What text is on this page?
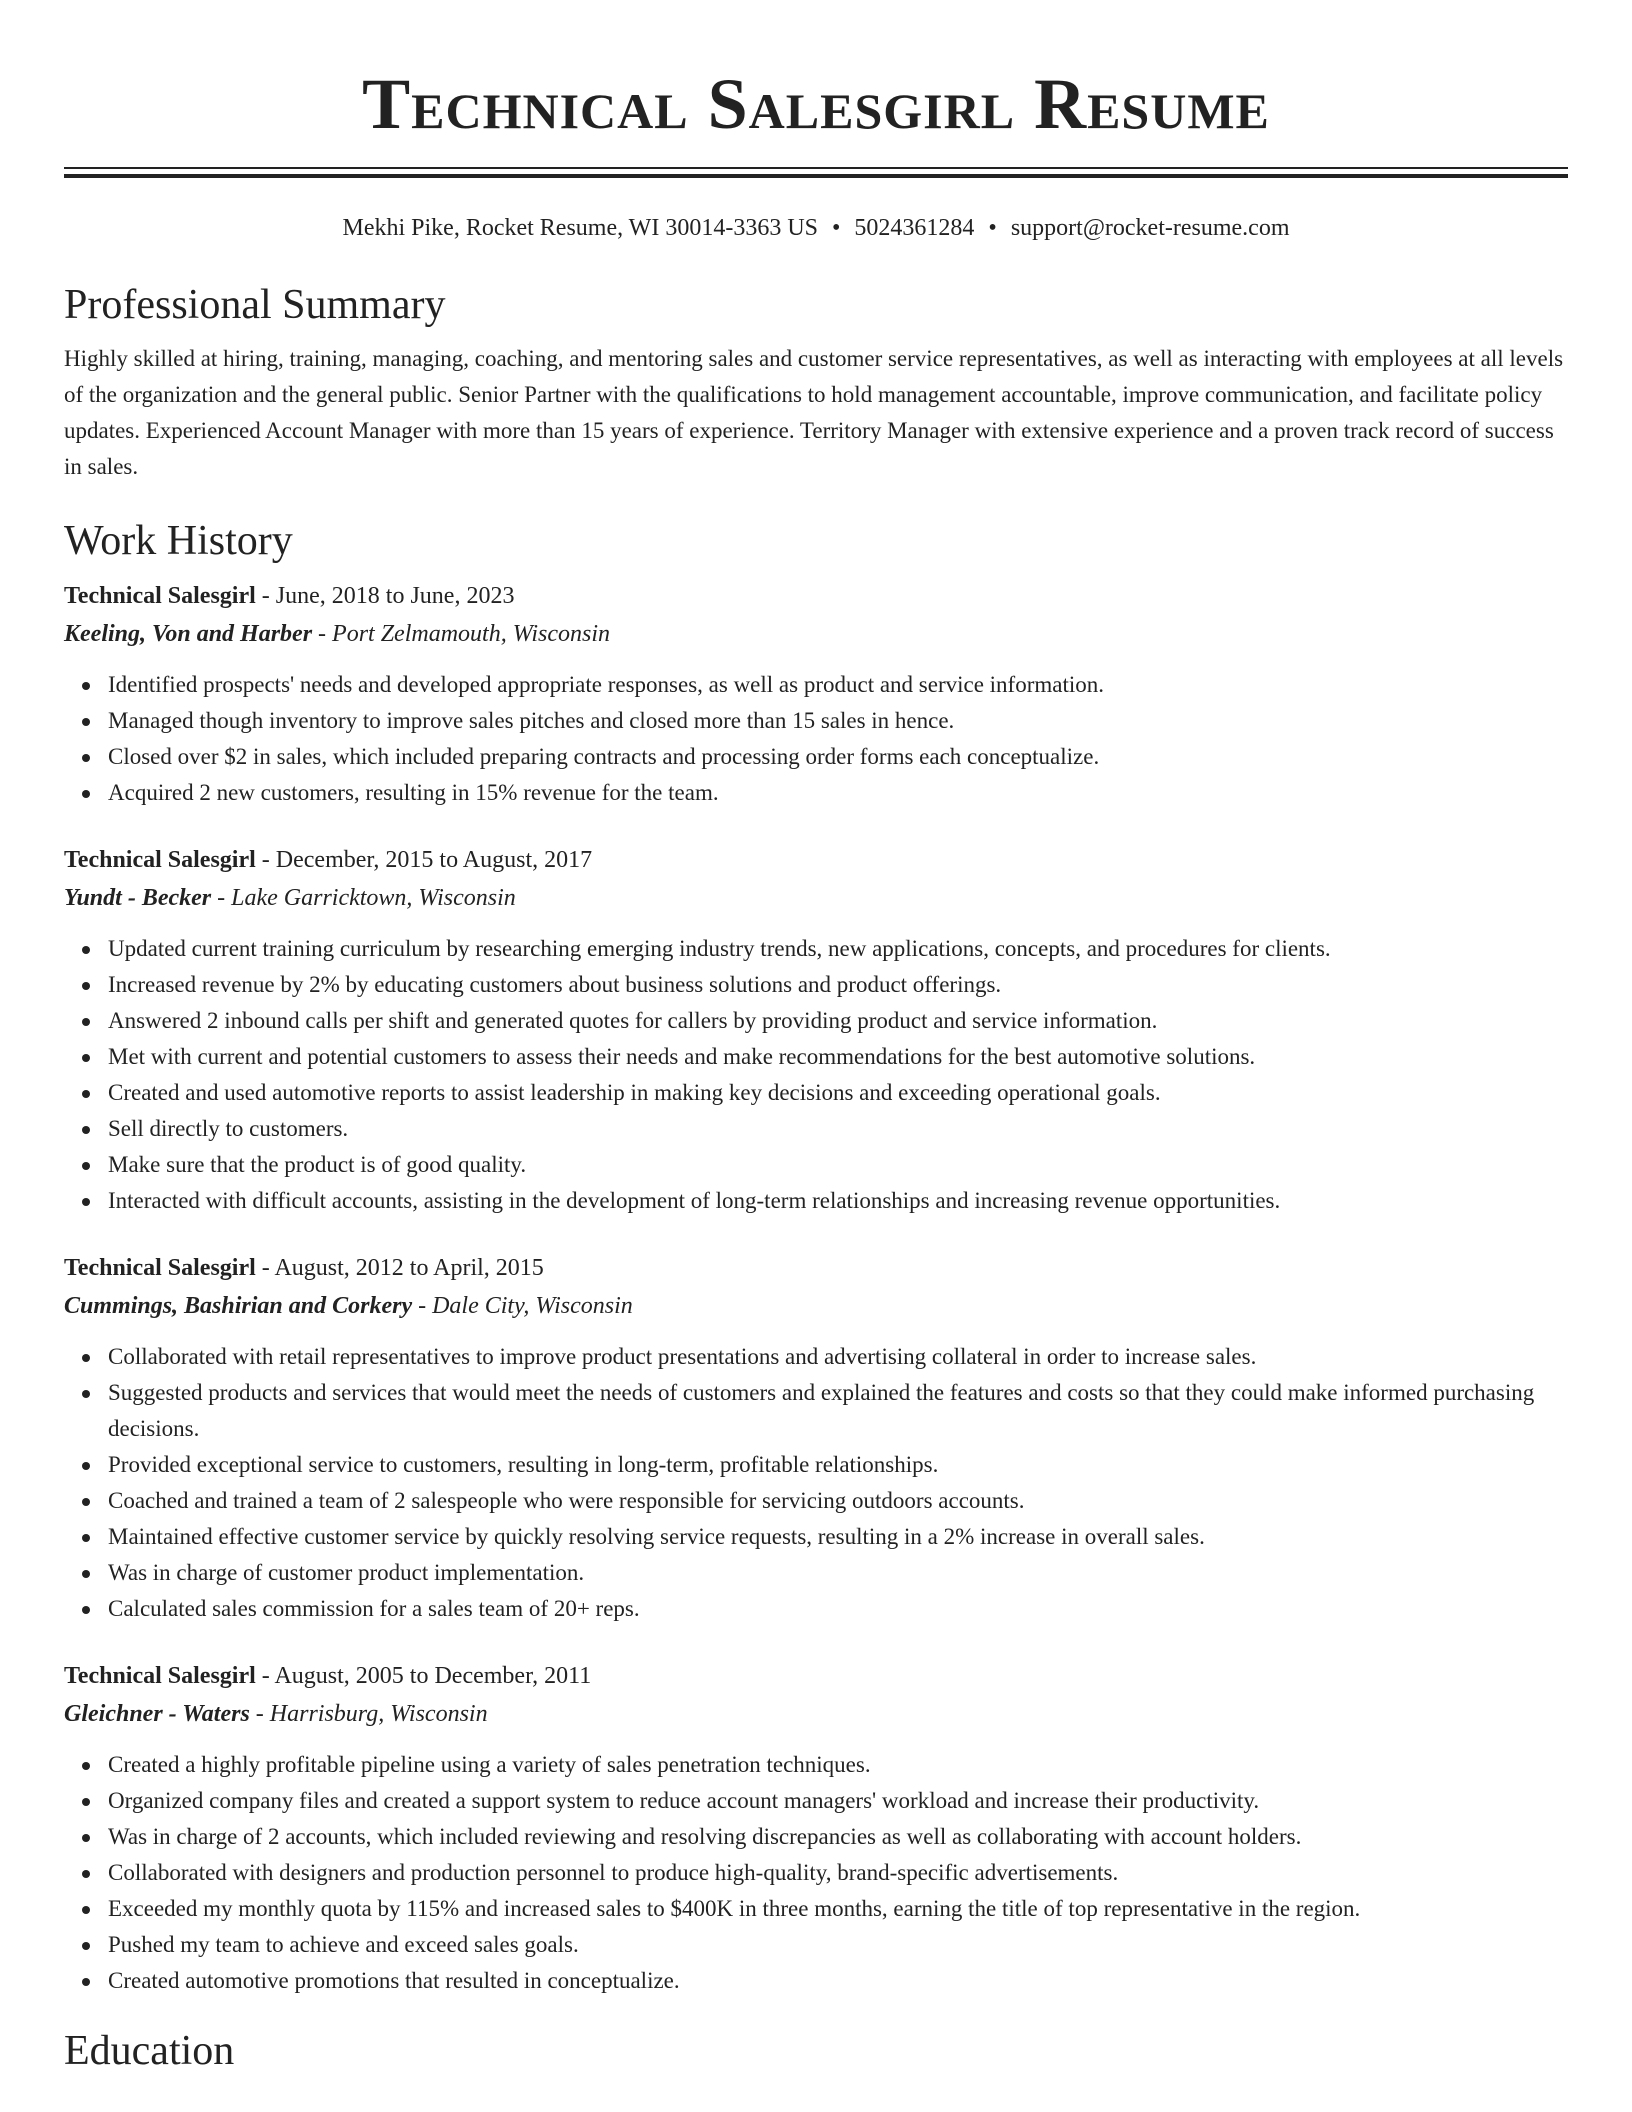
Technical Salesgirl Resume
Mekhi Pike, Rocket Resume, WI 30014-3363 US • 5024361284 • support@rocket-resume.com
Professional Summary

Highly skilled at hiring, training, managing, coaching, and mentoring sales and customer service representatives, as well as interacting with employees at all levels of the organization and the general public. Senior Partner with the qualifications to hold management accountable, improve communication, and facilitate policy updates. Experienced Account Manager with more than 15 years of experience. Territory Manager with extensive experience and a proven track record of success in sales.

Work History
Technical Salesgirl - June, 2018 to June, 2023
Keeling, Von and Harber - Port Zelmamouth, Wisconsin
Identified prospects' needs and developed appropriate responses, as well as product and service information.
Managed though inventory to improve sales pitches and closed more than 15 sales in hence.
Closed over $2 in sales, which included preparing contracts and processing order forms each conceptualize.
Acquired 2 new customers, resulting in 15% revenue for the team.
Technical Salesgirl - December, 2015 to August, 2017
Yundt - Becker - Lake Garricktown, Wisconsin
Updated current training curriculum by researching emerging industry trends, new applications, concepts, and procedures for clients.
Increased revenue by 2% by educating customers about business solutions and product offerings.
Answered 2 inbound calls per shift and generated quotes for callers by providing product and service information.
Met with current and potential customers to assess their needs and make recommendations for the best automotive solutions.
Created and used automotive reports to assist leadership in making key decisions and exceeding operational goals.
Sell directly to customers.
Make sure that the product is of good quality.
Interacted with difficult accounts, assisting in the development of long-term relationships and increasing revenue opportunities.
Technical Salesgirl - August, 2012 to April, 2015
Cummings, Bashirian and Corkery - Dale City, Wisconsin
Collaborated with retail representatives to improve product presentations and advertising collateral in order to increase sales.
Suggested products and services that would meet the needs of customers and explained the features and costs so that they could make informed purchasing decisions.
Provided exceptional service to customers, resulting in long-term, profitable relationships.
Coached and trained a team of 2 salespeople who were responsible for servicing outdoors accounts.
Maintained effective customer service by quickly resolving service requests, resulting in a 2% increase in overall sales.
Was in charge of customer product implementation.
Calculated sales commission for a sales team of 20+ reps.
Technical Salesgirl - August, 2005 to December, 2011
Gleichner - Waters - Harrisburg, Wisconsin
Created a highly profitable pipeline using a variety of sales penetration techniques.
Organized company files and created a support system to reduce account managers' workload and increase their productivity.
Was in charge of 2 accounts, which included reviewing and resolving discrepancies as well as collaborating with account holders.
Collaborated with designers and production personnel to produce high-quality, brand-specific advertisements.
Exceeded my monthly quota by 115% and increased sales to $400K in three months, earning the title of top representative in the region.
Pushed my team to achieve and exceed sales goals.
Created automotive promotions that resulted in conceptualize.
Education
